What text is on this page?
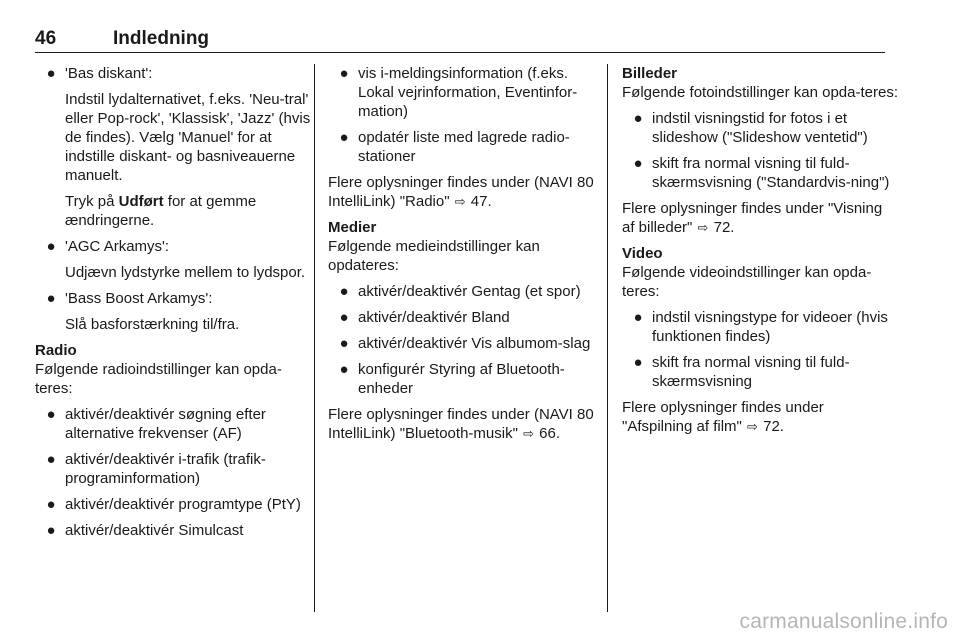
46	Indledning
● 'Bas diskant':

Indstil lydalternativet, f.eks. 'Neu-tral' eller Pop-rock', 'Klassisk', 'Jazz' (hvis de findes). Vælg 'Manuel' for at indstille diskant- og basniveauerne manuelt.

Tryk på Udført for at gemme ændringerne.

● 'AGC Arkamys':

Udjævn lydstyrke mellem to lydspor.

● 'Bass Boost Arkamys':

Slå basforstærkning til/fra.

Radio

Følgende radioindstillinger kan opda-teres:

● aktivér/deaktivér søgning efter alternative frekvenser (AF)
● aktivér/deaktivér i-trafik (trafik-programinformation)
● aktivér/deaktivér programtype (PtY)
● aktivér/deaktivér Simulcast
● vis i-meldingsinformation (f.eks. Lokal vejrinformation, Eventinfor-mation)
● opdatér liste med lagrede radio-stationer

Flere oplysninger findes under (NAVI 80 IntelliLink) "Radio" ⇨ 47.

Medier

Følgende medieindstillinger kan opdateres:

● aktivér/deaktivér Gentag (et spor)
● aktivér/deaktivér Bland
● aktivér/deaktivér Vis albumom-slag
● konfigurér Styring af Bluetooth-enheder

Flere oplysninger findes under (NAVI 80 IntelliLink) "Bluetooth-musik" ⇨ 66.

Billeder

Følgende fotoindstillinger kan opda-teres:

● indstil visningstid for fotos i et slideshow ("Slideshow ventetid")
● skift fra normal visning til fuld-skærmsvisning ("Standardvis-ning")

Flere oplysninger findes under "Visning af billeder" ⇨ 72.

Video

Følgende videoindstillinger kan opda-teres:

● indstil visningstype for videoer (hvis funktionen findes)
● skift fra normal visning til fuld-skærmsvisning

Flere oplysninger findes under "Afspilning af film" ⇨ 72.

carmanualsonline.info
